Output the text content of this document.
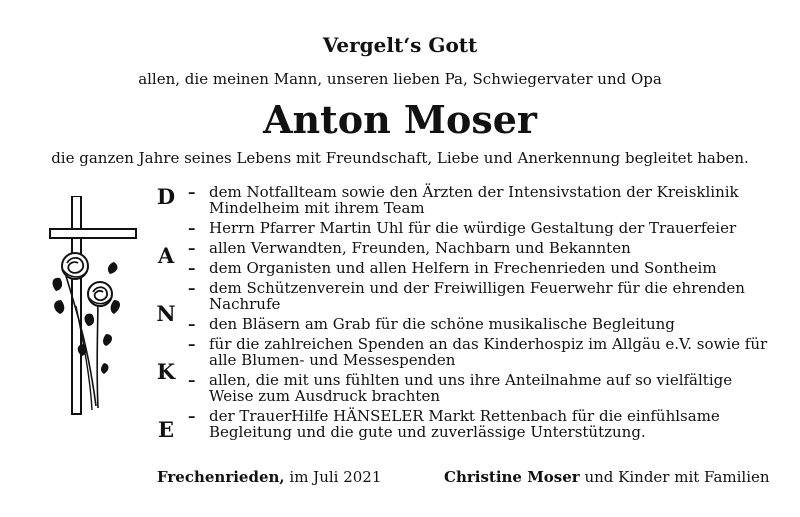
Vergelt‘s Gott
allen, die meinen Mann, unseren lieben Pa, Schwiegervater und Opa
Anton Moser
die ganzen Jahre seines Lebens mit Freundschaft, Liebe und Anerkennung begleitet haben.
D
A
N
K
E
– dem Notfallteam sowie den Ärzten der Intensivstation der Kreisklinik Mindelheim mit ihrem Team
– Herrn Pfarrer Martin Uhl für die würdige Gestaltung der Trauerfeier
– allen Verwandten, Freunden, Nachbarn und Bekannten
– dem Organisten und allen Helfern in Frechenrieden und Sontheim
– dem Schützenverein und der Freiwilligen Feuerwehr für die ehrenden Nachrufe
– den Bläsern am Grab für die schöne musikalische Begleitung
– für die zahlreichen Spenden an das Kinderhospiz im Allgäu e.V. sowie für alle Blumen- und Messespenden
– allen, die mit uns fühlten und uns ihre Anteilnahme auf so vielfältige Weise zum Ausdruck brachten
– der TrauerHilfe HÄNSELER Markt Rettenbach für die einfühlsame Begleitung und die gute und zuverlässige Unterstützung.
Frechenrieden, im Juli 2021	Christine Moser und Kinder mit Familien
